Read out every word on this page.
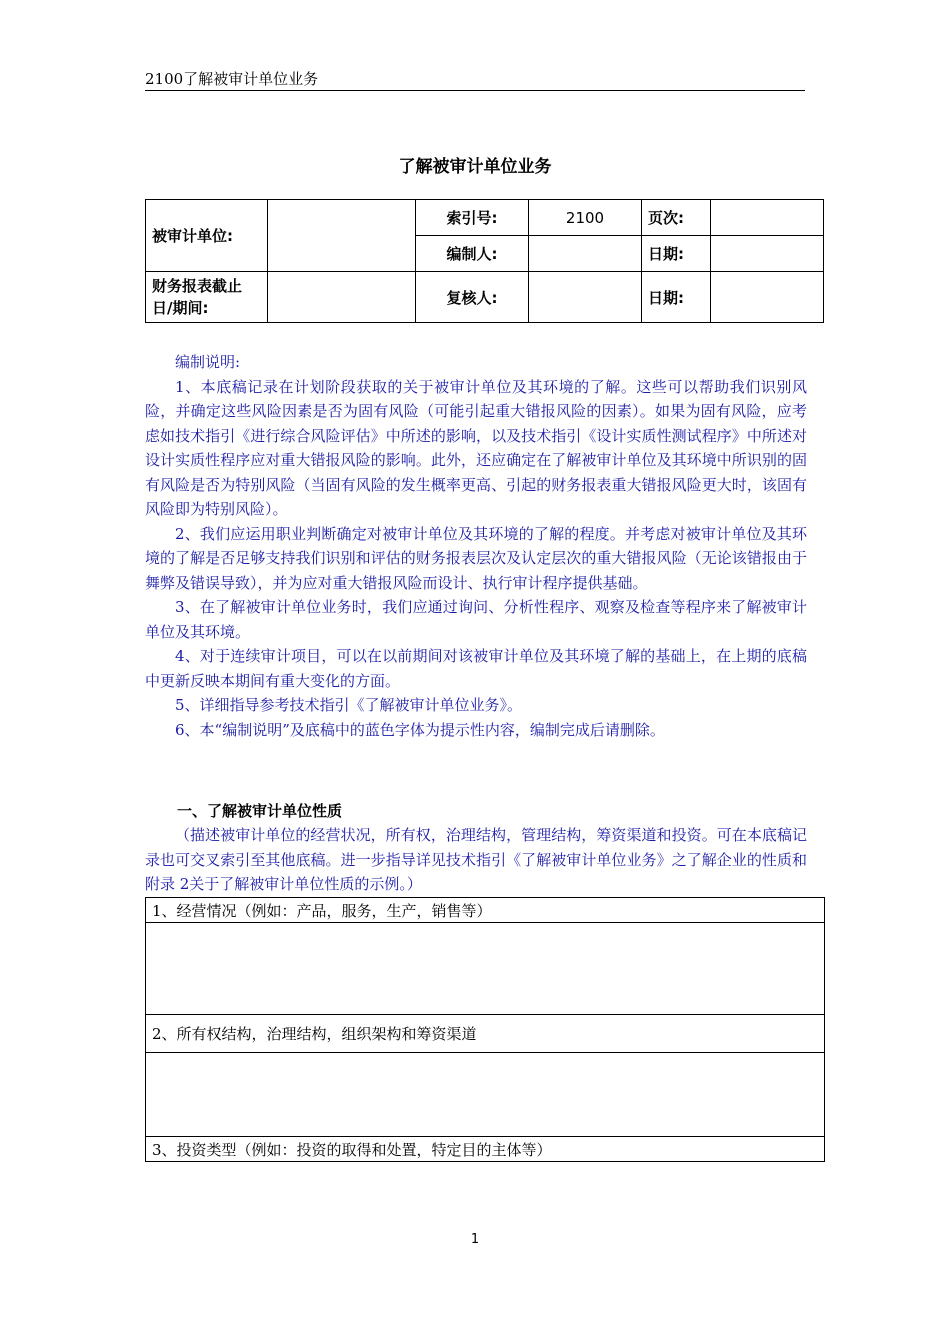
2100了解被审计单位业务
了解被审计单位业务
被审计单位:		索引号:	2100	页次:	
		编制人:		日期:	
财务报表截止日/期间:		复核人:		日期:	

编制说明:

1、本底稿记录在计划阶段获取的关于被审计单位及其环境的了解。这些可以帮助我们识别风险，并确定这些风险因素是否为固有风险（可能引起重大错报风险的因素）。如果为固有风险，应考虑如技术指引《进行综合风险评估》中所述的影响，以及技术指引《设计实质性测试程序》中所述对设计实质性程序应对重大错报风险的影响。此外，还应确定在了解被审计单位及其环境中所识别的固有风险是否为特别风险（当固有风险的发生概率更高、引起的财务报表重大错报风险更大时，该固有风险即为特别风险）。

2、我们应运用职业判断确定对被审计单位及其环境的了解的程度。并考虑对被审计单位及其环境的了解是否足够支持我们识别和评估的财务报表层次及认定层次的重大错报风险（无论该错报由于舞弊及错误导致），并为应对重大错报风险而设计、执行审计程序提供基础。

3、在了解被审计单位业务时，我们应通过询问、分析性程序、观察及检查等程序来了解被审计单位及其环境。

4、对于连续审计项目，可以在以前期间对该被审计单位及其环境了解的基础上，在上期的底稿中更新反映本期间有重大变化的方面。

5、详细指导参考技术指引《了解被审计单位业务》。

6、本“编制说明”及底稿中的蓝色字体为提示性内容，编制完成后请删除。

一、了解被审计单位性质
（描述被审计单位的经营状况，所有权，治理结构，管理结构，筹资渠道和投资。可在本底稿记录也可交叉索引至其他底稿。进一步指导详见技术指引《了解被审计单位业务》之了解企业的性质和附录 2关于了解被审计单位性质的示例。）
1、经营情况（例如：产品，服务，生产，销售等）

2、所有权结构，治理结构，组织架构和筹资渠道

3、投资类型（例如：投资的取得和处置，特定目的主体等）
1
